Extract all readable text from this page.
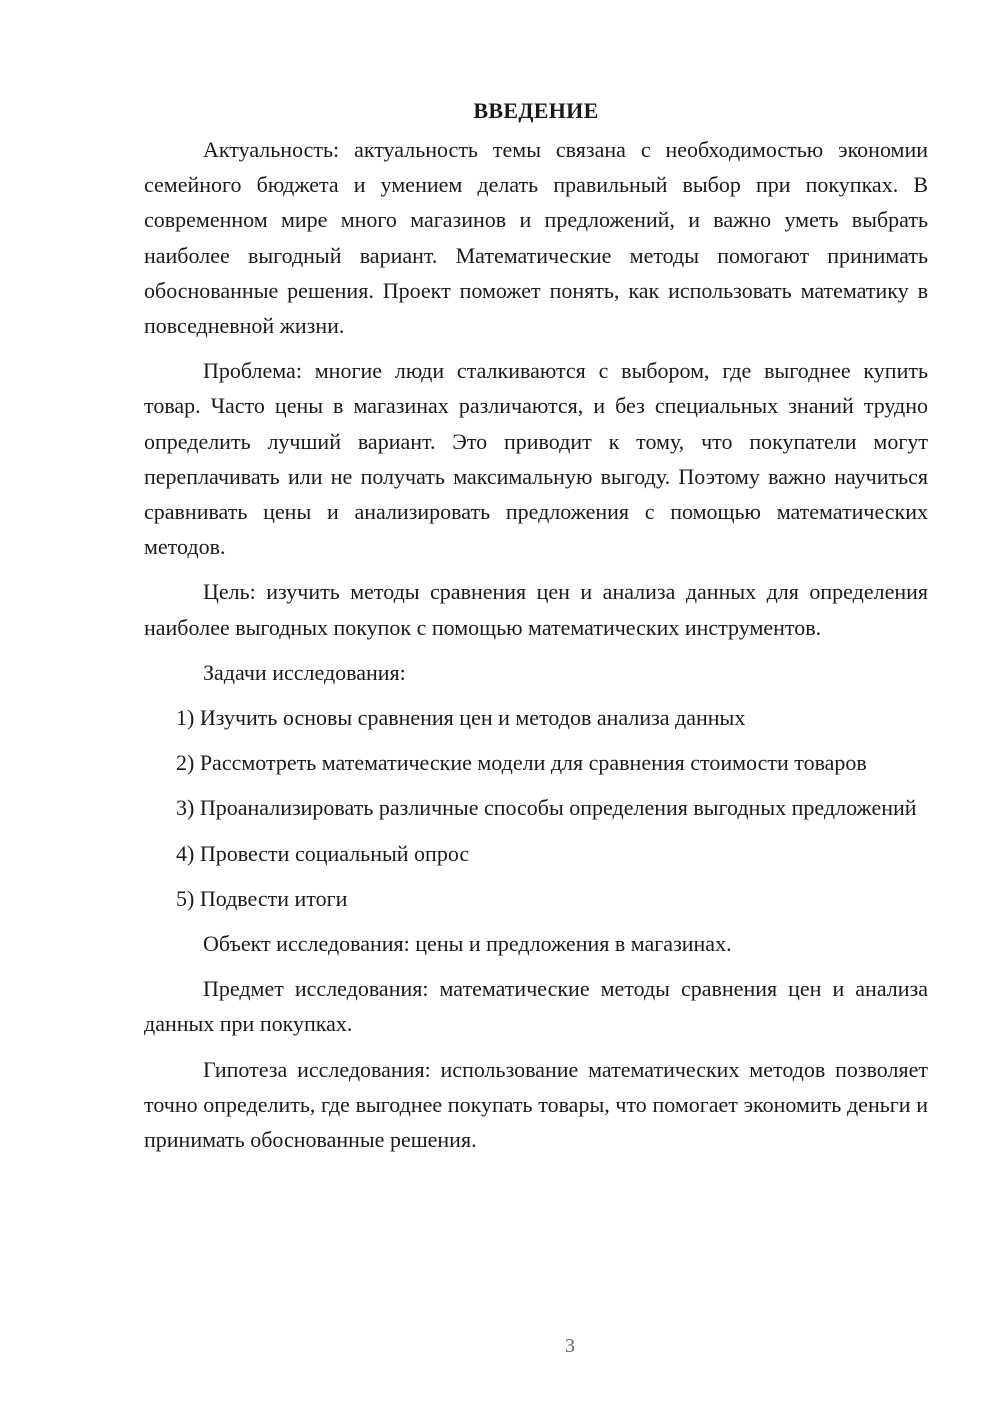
ВВЕДЕНИЕ

Актуальность: актуальность темы связана с необходимостью экономии семейного бюджета и умением делать правильный выбор при покупках. В современном мире много магазинов и предложений, и важно уметь выбрать наиболее выгодный вариант. Математические методы помогают принимать обоснованные решения. Проект поможет понять, как использовать математику в повседневной жизни.

Проблема: многие люди сталкиваются с выбором, где выгоднее купить товар. Часто цены в магазинах различаются, и без специальных знаний трудно определить лучший вариант. Это приводит к тому, что покупатели могут переплачивать или не получать максимальную выгоду. Поэтому важно научиться сравнивать цены и анализировать предложения с помощью математических методов.

Цель: изучить методы сравнения цен и анализа данных для определения наиболее выгодных покупок с помощью математических инструментов.

Задачи исследования:

1) Изучить основы сравнения цен и методов анализа данных

2) Рассмотреть математические модели для сравнения стоимости товаров

3) Проанализировать различные способы определения выгодных предложений

4) Провести социальный опрос

5) Подвести итоги

Объект исследования: цены и предложения в магазинах.

Предмет исследования: математические методы сравнения цен и анализа данных при покупках.

Гипотеза исследования: использование математических методов позволяет точно определить, где выгоднее покупать товары, что помогает экономить деньги и принимать обоснованные решения.

3
